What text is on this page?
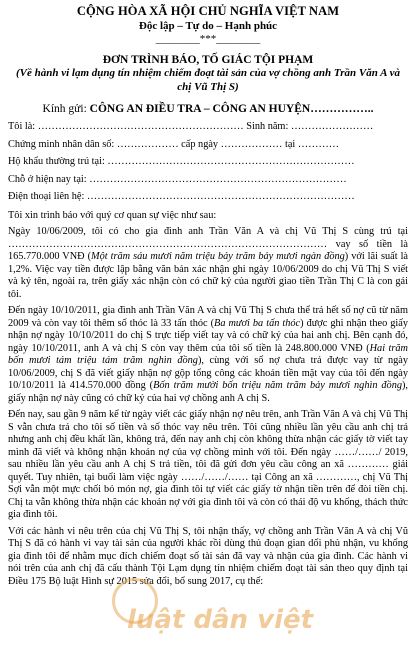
CỘNG HÒA XÃ HỘI CHỦ NGHĨA VIỆT NAM
Độc lập – Tự do – Hạnh phúc
________***________
ĐƠN TRÌNH BÁO, TỐ GIÁC TỘI PHẠM
(Về hành vi lạm dụng tín nhiệm chiếm đoạt tài sản của vợ chồng anh Trần Văn A và chị Vũ Thị S)
Kính gửi: CÔNG AN ĐIỀU TRA – CÔNG AN HUYỆN……………..
Tôi là: …………………………………………………… Sinh năm: ……………………
Chứng minh nhân dân số: ……………… cấp ngày ……………… tại …………
Hộ khẩu thường trú tại: ………………………………………………………………
Chỗ ở hiện nay tại: …………………………………………………………………
Điện thoại liên hệ: ……………………………………………………………………
Tôi xin trình báo với quý cơ quan sự việc như sau:
Ngày 10/06/2009, tôi có cho gia đình anh Trần Văn A và chị Vũ Thị S cùng trú tại ………………………………………………………………………………… vay số tiền là 165.770.000 VNĐ (Một trăm sáu mươi năm triệu bảy trăm bảy mươi ngàn đồng) với lãi suất là 1,2%. Việc vay tiền được lập bằng văn bản xác nhận ghi ngày 10/06/2009 do chị Vũ Thị S viết và ký tên, ngoài ra, trên giấy xác nhận còn có chữ ký của người giao tiền Trần Thị C là con gái tôi.
Đến ngày 10/10/2011, gia đình anh Trần Văn A và chị Vũ Thị S chưa thể trả hết số nợ cũ từ năm 2009 và còn vay tôi thêm số thóc là 33 tấn thóc (Ba mươi ba tấn thóc) được ghi nhận theo giấy nhận nợ ngày 10/10/2011 do chị S trực tiếp viết tay và có chữ ký của hai anh chị. Bên cạnh đó, ngày 10/10/2011, anh A và chị S còn vay thêm của tôi số tiền là 248.800.000 VNĐ (Hai trăm bốn mươi tám triệu tám trăm nghìn đồng), cùng với số nợ chưa trả được vay từ ngày 10/06/2009, chị S đã viết giấy nhận nợ gộp tổng công các khoản tiền mặt vay của tôi đến ngày 10/10/2011 là 414.570.000 đồng (Bốn trăm mười bốn triệu năm trăm bảy mươi nghìn đồng), giấy nhận nợ này cũng có chữ ký của hai vợ chồng anh A chị S.
Đến nay, sau gần 9 năm kể từ ngày viết các giấy nhận nợ nêu trên, anh Trần Văn A và chị Vũ Thị S vẫn chưa trả cho tôi số tiền và số thóc vay nêu trên. Tôi cũng nhiều lần yêu cầu anh chị trả nhưng anh chị đều khất lần, không trả, đến nay anh chị còn không thừa nhận các giấy tờ viết tay mình đã viết và không nhận khoản nợ của vợ chồng mình với tôi. Đến ngày ……/……/ 2019, sau nhiều lần yêu cầu anh A chị S trả tiền, tôi đã gửi đơn yêu cầu công an xã ………… giải quyết. Tuy nhiên, tại buổi làm việc ngày ……/……/…… tại Công an xã …………, chị Vũ Thị Sợi vẫn một mực chối bỏ món nợ, gia đình tôi tự viết các giấy tờ nhận tiền trên để đòi tiền chị. Chị ta vẫn không thừa nhận các khoản nợ với gia đình tôi và còn có thái độ vu khống, thách thức gia đình tôi.
Với các hành vi nêu trên của chị Vũ Thị S, tôi nhận thấy, vợ chồng anh Trần Văn A và chị Vũ Thị S đã có hành vi vay tài sản của người khác rồi dùng thủ đoạn gian dối phủ nhận, vu khống gia đình tôi để nhằm mục đích chiếm đoạt số tài sản đã vay và nhận của gia đình. Các hành vi nói trên của anh chị đã cấu thành Tội Lạm dụng tín nhiệm chiếm đoạt tài sản theo quy định tại Điều 175 Bộ luật Hình sự 2015 sửa đổi, bổ sung 2017, cụ thể:
luật dân việt
